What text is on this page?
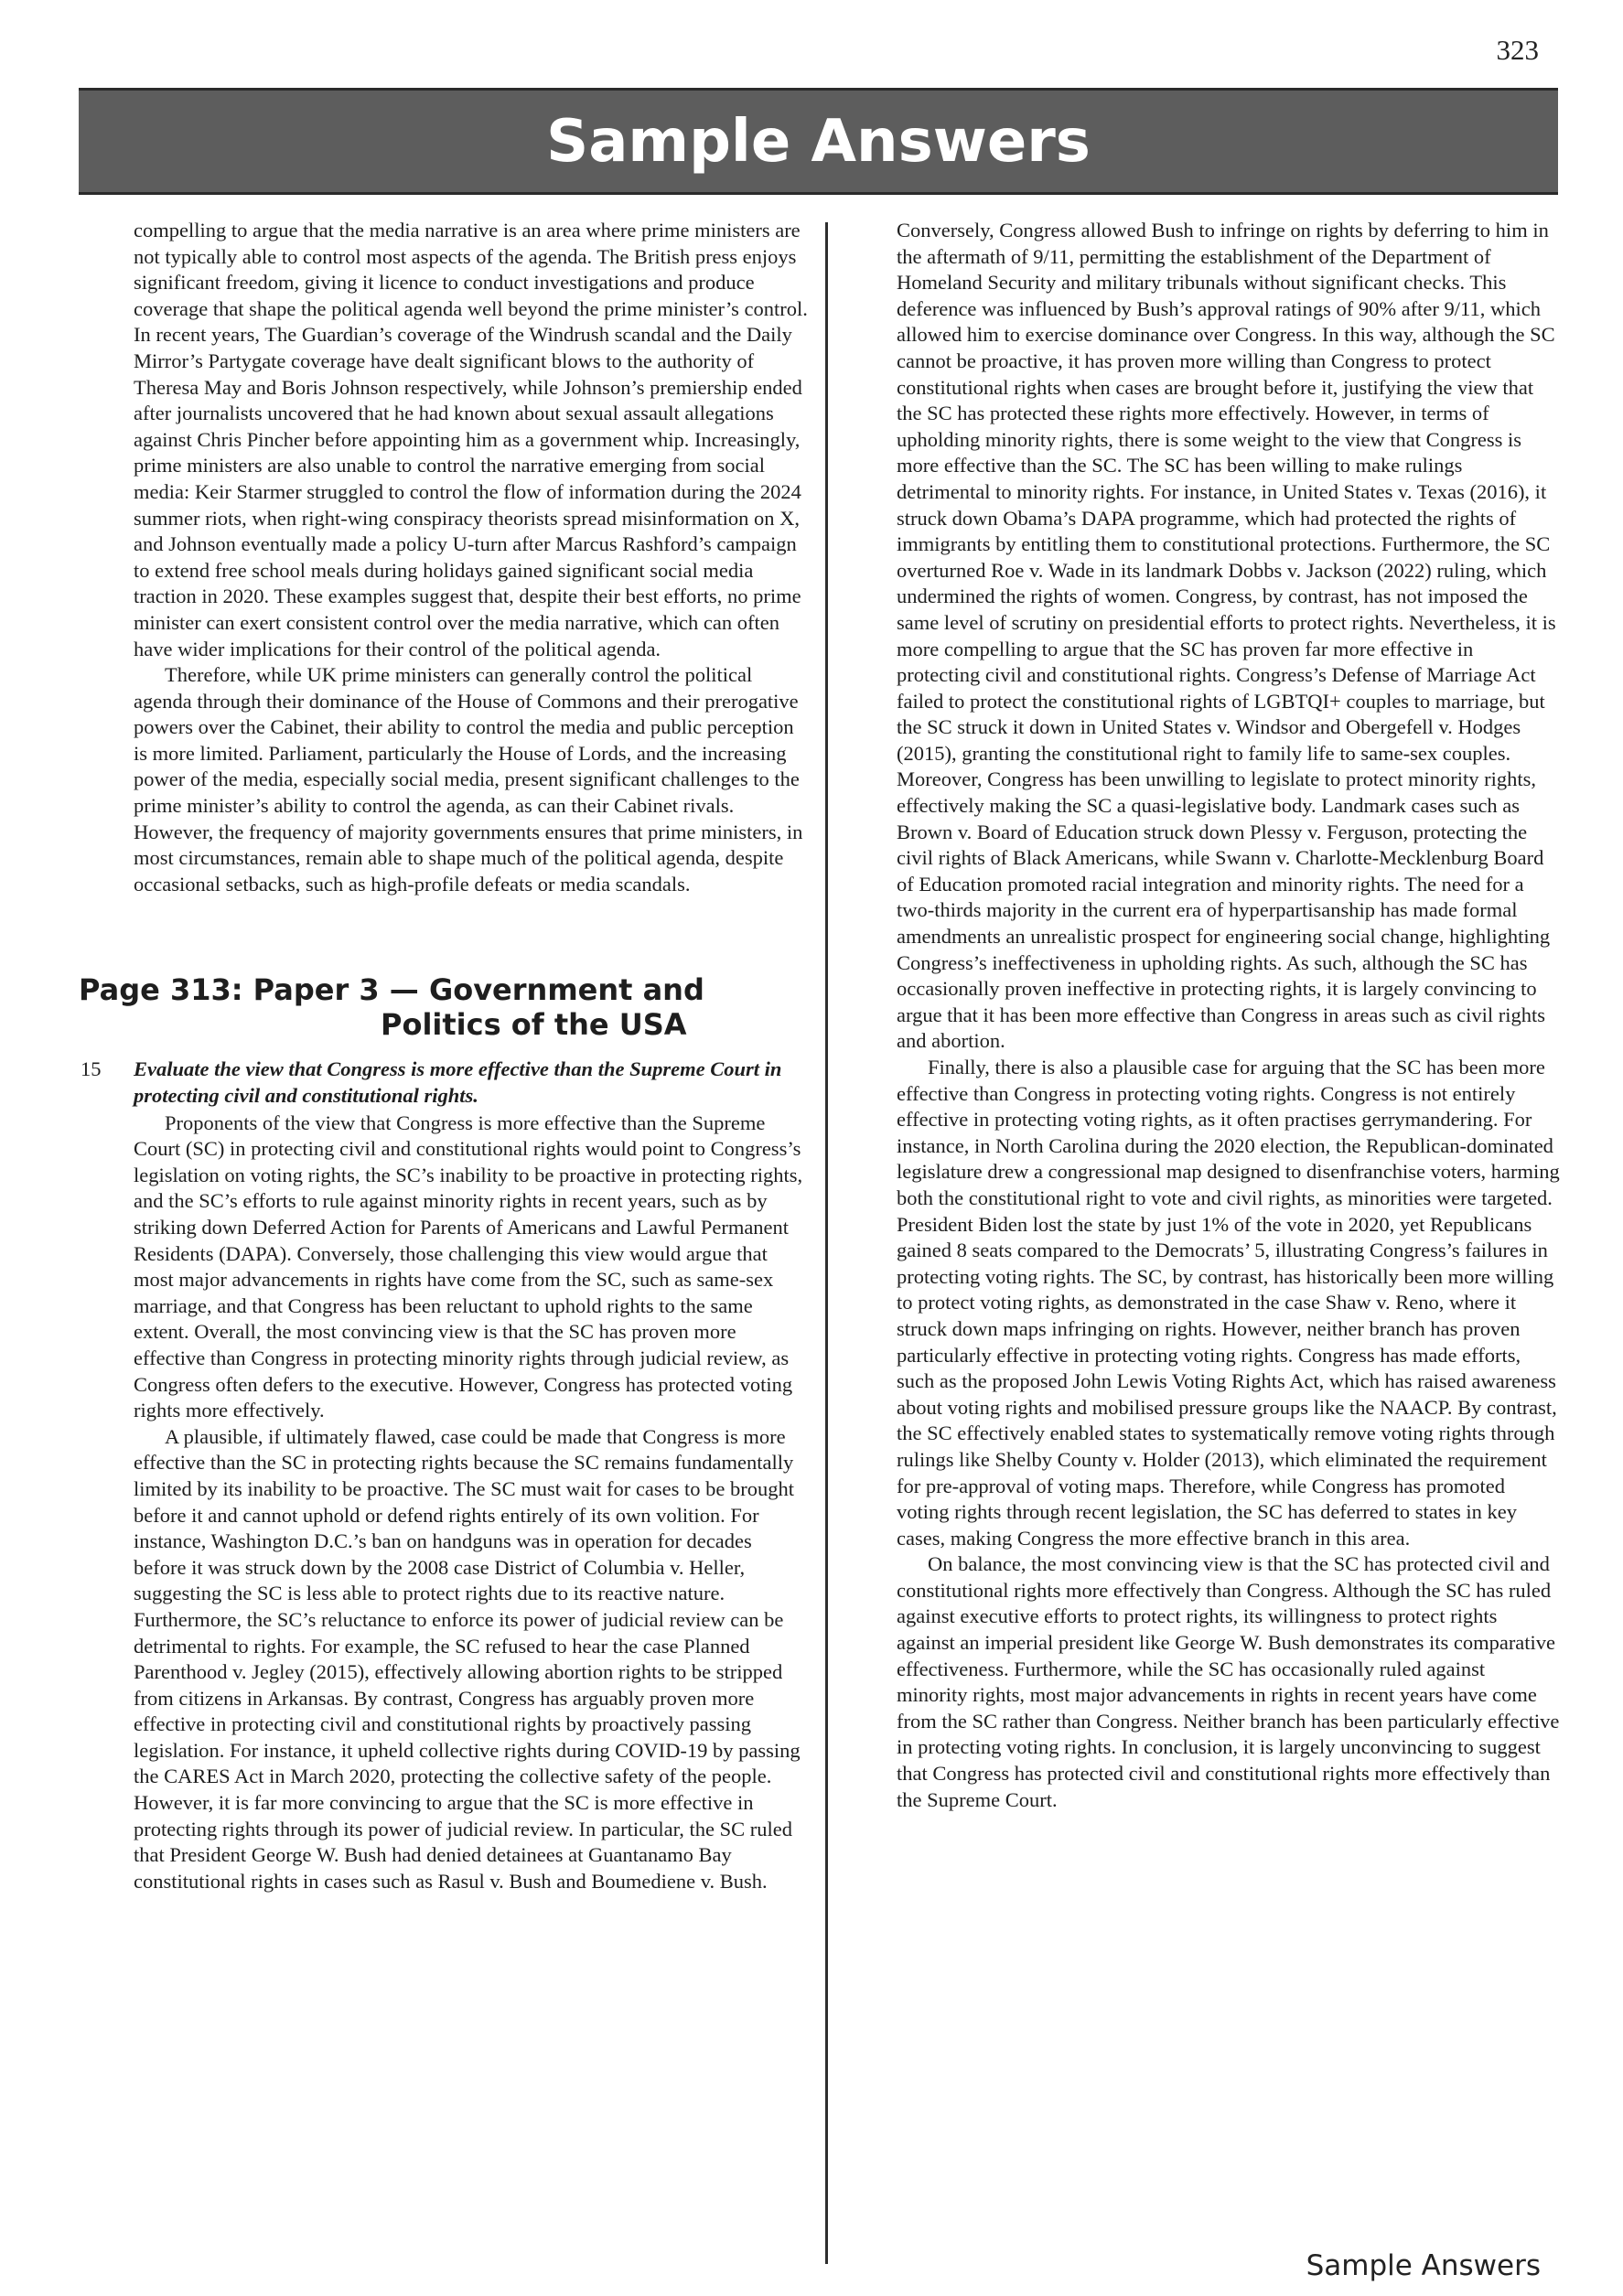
323
Sample Answers

compelling to argue that the media narrative is an area where prime ministers are not typically able to control most aspects of the agenda. The British press enjoys significant freedom, giving it licence to conduct investigations and produce coverage that shape the political agenda well beyond the prime minister’s control. In recent years, The Guardian’s coverage of the Windrush scandal and the Daily Mirror’s Partygate coverage have dealt significant blows to the authority of Theresa May and Boris Johnson respectively, while Johnson’s premiership ended after journalists uncovered that he had known about sexual assault allegations against Chris Pincher before appointing him as a government whip. Increasingly, prime ministers are also unable to control the narrative emerging from social media: Keir Starmer struggled to control the flow of information during the 2024 summer riots, when right-wing conspiracy theorists spread misinformation on X, and Johnson eventually made a policy U-turn after Marcus Rashford’s campaign to extend free school meals during holidays gained significant social media traction in 2020. These examples suggest that, despite their best efforts, no prime minister can exert consistent control over the media narrative, which can often have wider implications for their control of the political agenda.

Therefore, while UK prime ministers can generally control the political agenda through their dominance of the House of Commons and their prerogative powers over the Cabinet, their ability to control the media and public perception is more limited. Parliament, particularly the House of Lords, and the increasing power of the media, especially social media, present significant challenges to the prime minister’s ability to control the agenda, as can their Cabinet rivals. However, the frequency of majority governments ensures that prime ministers, in most circumstances, remain able to shape much of the political agenda, despite occasional setbacks, such as high-profile defeats or media scandals.

Page 313: Paper 3 — Government and
Politics of the USA
15 Evaluate the view that Congress is more effective than the Supreme Court in protecting civil and constitutional rights.

Proponents of the view that Congress is more effective than the Supreme Court (SC) in protecting civil and constitutional rights would point to Congress’s legislation on voting rights, the SC’s inability to be proactive in protecting rights, and the SC’s efforts to rule against minority rights in recent years, such as by striking down Deferred Action for Parents of Americans and Lawful Permanent Residents (DAPA). Conversely, those challenging this view would argue that most major advancements in rights have come from the SC, such as same-sex marriage, and that Congress has been reluctant to uphold rights to the same extent. Overall, the most convincing view is that the SC has proven more effective than Congress in protecting minority rights through judicial review, as Congress often defers to the executive. However, Congress has protected voting rights more effectively.

A plausible, if ultimately flawed, case could be made that Congress is more effective than the SC in protecting rights because the SC remains fundamentally limited by its inability to be proactive. The SC must wait for cases to be brought before it and cannot uphold or defend rights entirely of its own volition. For instance, Washington D.C.’s ban on handguns was in operation for decades before it was struck down by the 2008 case District of Columbia v. Heller, suggesting the SC is less able to protect rights due to its reactive nature. Furthermore, the SC’s reluctance to enforce its power of judicial review can be detrimental to rights. For example, the SC refused to hear the case Planned Parenthood v. Jegley (2015), effectively allowing abortion rights to be stripped from citizens in Arkansas. By contrast, Congress has arguably proven more effective in protecting civil and constitutional rights by proactively passing legislation. For instance, it upheld collective rights during COVID-19 by passing the CARES Act in March 2020, protecting the collective safety of the people. However, it is far more convincing to argue that the SC is more effective in protecting rights through its power of judicial review. In particular, the SC ruled that President George W. Bush had denied detainees at Guantanamo Bay constitutional rights in cases such as Rasul v. Bush and Boumediene v. Bush.

Conversely, Congress allowed Bush to infringe on rights by deferring to him in the aftermath of 9/11, permitting the establishment of the Department of Homeland Security and military tribunals without significant checks. This deference was influenced by Bush’s approval ratings of 90% after 9/11, which allowed him to exercise dominance over Congress. In this way, although the SC cannot be proactive, it has proven more willing than Congress to protect constitutional rights when cases are brought before it, justifying the view that the SC has protected these rights more effectively. However, in terms of upholding minority rights, there is some weight to the view that Congress is more effective than the SC. The SC has been willing to make rulings detrimental to minority rights. For instance, in United States v. Texas (2016), it struck down Obama’s DAPA programme, which had protected the rights of immigrants by entitling them to constitutional protections. Furthermore, the SC overturned Roe v. Wade in its landmark Dobbs v. Jackson (2022) ruling, which undermined the rights of women. Congress, by contrast, has not imposed the same level of scrutiny on presidential efforts to protect rights. Nevertheless, it is more compelling to argue that the SC has proven far more effective in protecting civil and constitutional rights. Congress’s Defense of Marriage Act failed to protect the constitutional rights of LGBTQI+ couples to marriage, but the SC struck it down in United States v. Windsor and Obergefell v. Hodges (2015), granting the constitutional right to family life to same-sex couples. Moreover, Congress has been unwilling to legislate to protect minority rights, effectively making the SC a quasi-legislative body. Landmark cases such as Brown v. Board of Education struck down Plessy v. Ferguson, protecting the civil rights of Black Americans, while Swann v. Charlotte-Mecklenburg Board of Education promoted racial integration and minority rights. The need for a two-thirds majority in the current era of hyperpartisanship has made formal amendments an unrealistic prospect for engineering social change, highlighting Congress’s ineffectiveness in upholding rights. As such, although the SC has occasionally proven ineffective in protecting rights, it is largely convincing to argue that it has been more effective than Congress in areas such as civil rights and abortion.

Finally, there is also a plausible case for arguing that the SC has been more effective than Congress in protecting voting rights. Congress is not entirely effective in protecting voting rights, as it often practises gerrymandering. For instance, in North Carolina during the 2020 election, the Republican-dominated legislature drew a congressional map designed to disenfranchise voters, harming both the constitutional right to vote and civil rights, as minorities were targeted. President Biden lost the state by just 1% of the vote in 2020, yet Republicans gained 8 seats compared to the Democrats’ 5, illustrating Congress’s failures in protecting voting rights. The SC, by contrast, has historically been more willing to protect voting rights, as demonstrated in the case Shaw v. Reno, where it struck down maps infringing on rights. However, neither branch has proven particularly effective in protecting voting rights. Congress has made efforts, such as the proposed John Lewis Voting Rights Act, which has raised awareness about voting rights and mobilised pressure groups like the NAACP. By contrast, the SC effectively enabled states to systematically remove voting rights through rulings like Shelby County v. Holder (2013), which eliminated the requirement for pre-approval of voting maps. Therefore, while Congress has promoted voting rights through recent legislation, the SC has deferred to states in key cases, making Congress the more effective branch in this area.

On balance, the most convincing view is that the SC has protected civil and constitutional rights more effectively than Congress. Although the SC has ruled against executive efforts to protect rights, its willingness to protect rights against an imperial president like George W. Bush demonstrates its comparative effectiveness. Furthermore, while the SC has occasionally ruled against minority rights, most major advancements in rights in recent years have come from the SC rather than Congress. Neither branch has been particularly effective in protecting voting rights. In conclusion, it is largely unconvincing to suggest that Congress has protected civil and constitutional rights more effectively than the Supreme Court.

Sample Answers
